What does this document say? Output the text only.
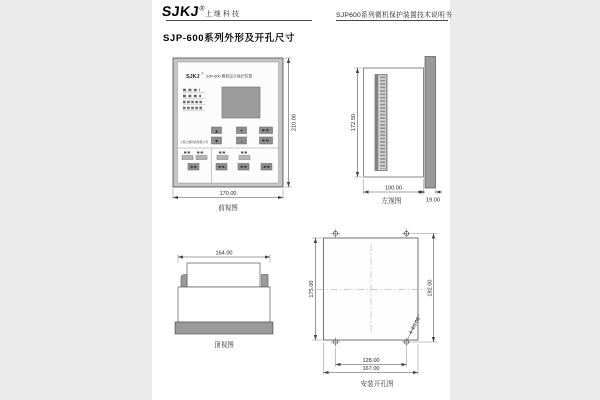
SJKJ®
上继科技	SJP600系列微机保护装置技术说明书
SJP-600系列外形及开孔尺寸
SJKJ
®
SJP-600 微机综合保护装置
▲	+
▼	-
上海上继科技有限公司
210.00
170.00
前视图
172.50
100.00
19.00
左视图
164.00
顶视图
175.00	192.00
128.00
167.00
4-Φ5.00
安装开孔图
